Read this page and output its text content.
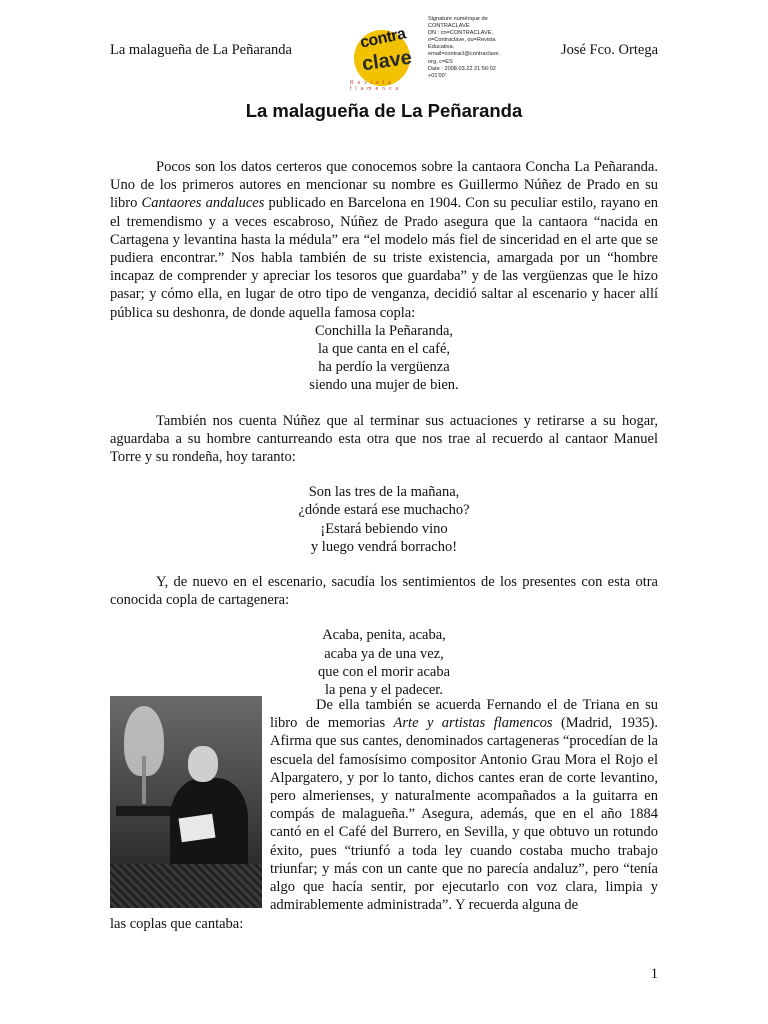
La malagueña de La Peñaranda	José Fco. Ortega
contra
clave
Revista flamenca
Signature numérique de
CONTRACLAVE
DN : cn=CONTRACLAVE,
o=Contraclave, ou=Revista
Educativa,
email=contracl@contraclave.
org, c=ES
Date : 2008.03.22 21:56:02
+01'00'
La malagueña de La Peñaranda

Pocos son los datos certeros que conocemos sobre la cantaora Concha La Peñaranda. Uno de los primeros autores en mencionar su nombre es Guillermo Núñez de Prado en su libro Cantaores andaluces publicado en Barcelona en 1904. Con su peculiar estilo, rayano en el tremendismo y a veces escabroso, Núñez de Prado asegura que la cantaora “nacida en Cartagena y levantina hasta la médula” era “el modelo más fiel de sinceridad en el arte que se pudiera encontrar.” Nos habla también de su triste existencia, amargada por un “hombre incapaz de comprender y apreciar los tesoros que guardaba” y de las vergüenzas que le hizo pasar; y cómo ella, en lugar de otro tipo de venganza, decidió saltar al escenario y hacer allí pública su deshonra, de donde aquella famosa copla:

Conchilla la Peñaranda,
la que canta en el café,
ha perdío la vergüenza
siendo una mujer de bien.

También nos cuenta Núñez que al terminar sus actuaciones y retirarse a su hogar, aguardaba a su hombre canturreando esta otra que nos trae al recuerdo al cantaor Manuel Torre y su rondeña, hoy taranto:

Son las tres de la mañana,
¿dónde estará ese muchacho?
¡Estará bebiendo vino
y luego vendrá borracho!

Y, de nuevo en el escenario, sacudía los sentimientos de los presentes con esta otra conocida copla de cartagenera:

Acaba, penita, acaba,
acaba ya de una vez,
que con el morir acaba
la pena y el padecer.

De ella también se acuerda Fernando el de Triana en su libro de memorias Arte y artistas flamencos (Madrid, 1935). Afirma que sus cantes, denominados cartageneras “procedían de la escuela del famosísimo compositor Antonio Grau Mora el Rojo el Alpargatero, y por lo tanto, dichos cantes eran de corte levantino, pero almerienses, y naturalmente acompañados a la guitarra en compás de malagueña.” Asegura, además, que en el año 1884 cantó en el Café del Burrero, en Sevilla, y que obtuvo un rotundo éxito, pues “triunfó a toda ley cuando costaba mucho trabajo triunfar; y más con un cante que no parecía andaluz”, pero “tenía algo que hacía sentir, por ejecutarlo con voz clara, limpia y admirablemente administrada”. Y recuerda alguna de

las coplas que cantaba:
1
